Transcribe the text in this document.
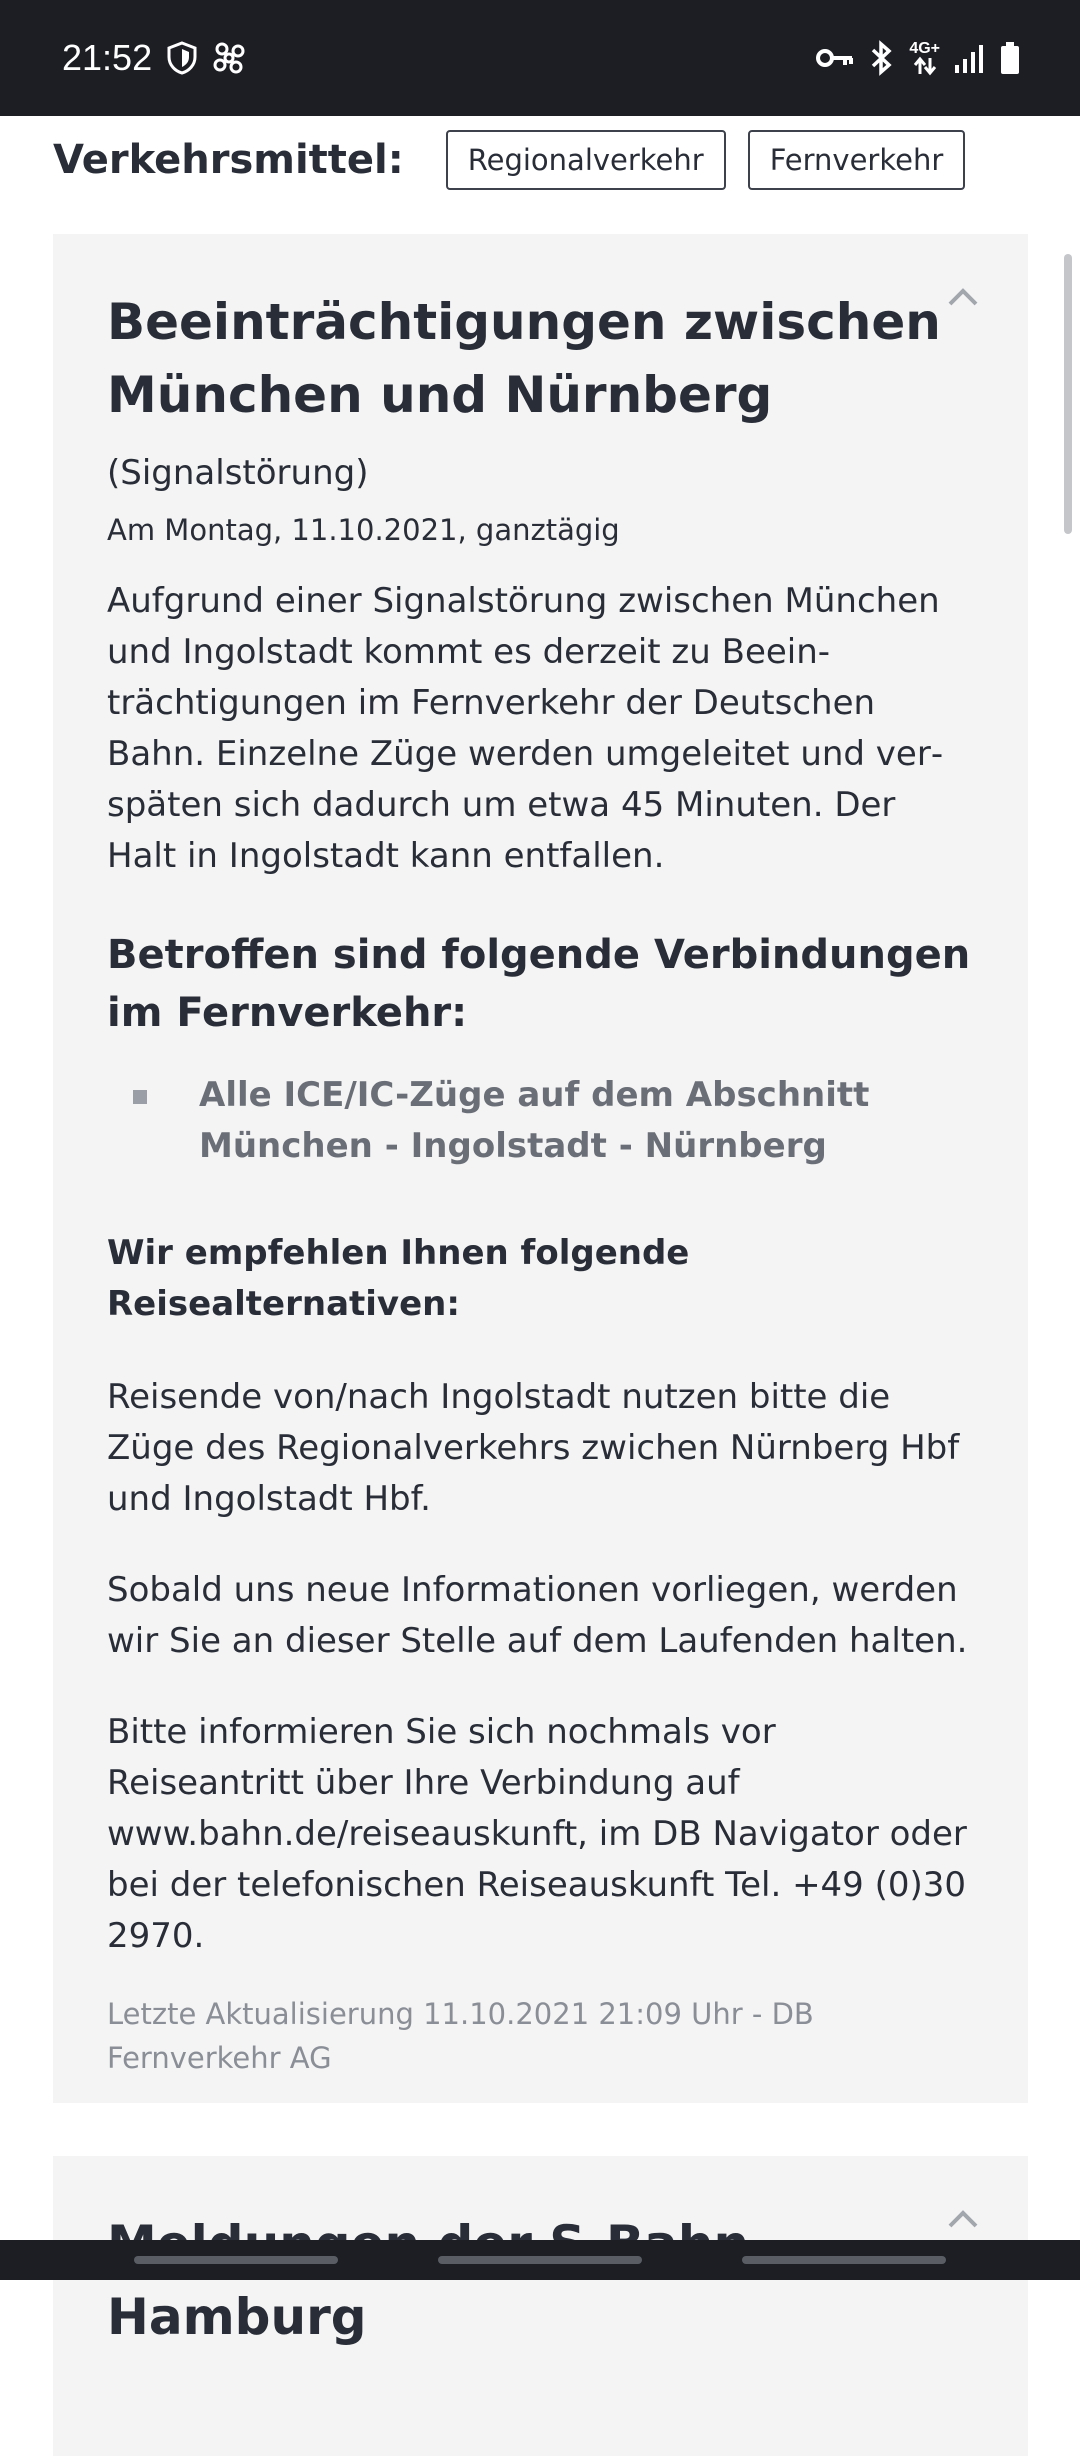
21:52	4G+
Verkehrsmittel:	Regionalverkehr	Fernverkehr
Beeinträchtigungen zwischen München und Nürnberg

(Signalstörung)

Am Montag, 11.10.2021, ganztägig

Aufgrund einer Signalstörung zwischen München und Ingolstadt kommt es derzeit zu Beeinträchtigungen im Fernverkehr der Deutschen Bahn. Einzelne Züge werden umgeleitet und verspäten sich dadurch um etwa 45 Minuten. Der Halt in Ingolstadt kann entfallen.

Betroffen sind folgende Verbindungen im Fernverkehr:
Alle ICE/IC-Züge auf dem Abschnitt München - Ingolstadt - Nürnberg
Wir empfehlen Ihnen folgende Reisealternativen:

Reisende von/nach Ingolstadt nutzen bitte die Züge des Regionalverkehrs zwichen Nürnberg Hbf und Ingolstadt Hbf.

Sobald uns neue Informationen vorliegen, werden wir Sie an dieser Stelle auf dem Laufenden halten.

Bitte informieren Sie sich nochmals vor Reiseantritt über Ihre Verbindung auf www.bahn.de/reiseauskunft, im DB Navigator oder bei der telefonischen Reiseauskunft Tel. +49 (0)30 2970.

Letzte Aktualisierung 11.10.2021 21:09 Uhr - DB Fernverkehr AG

Hamburg
